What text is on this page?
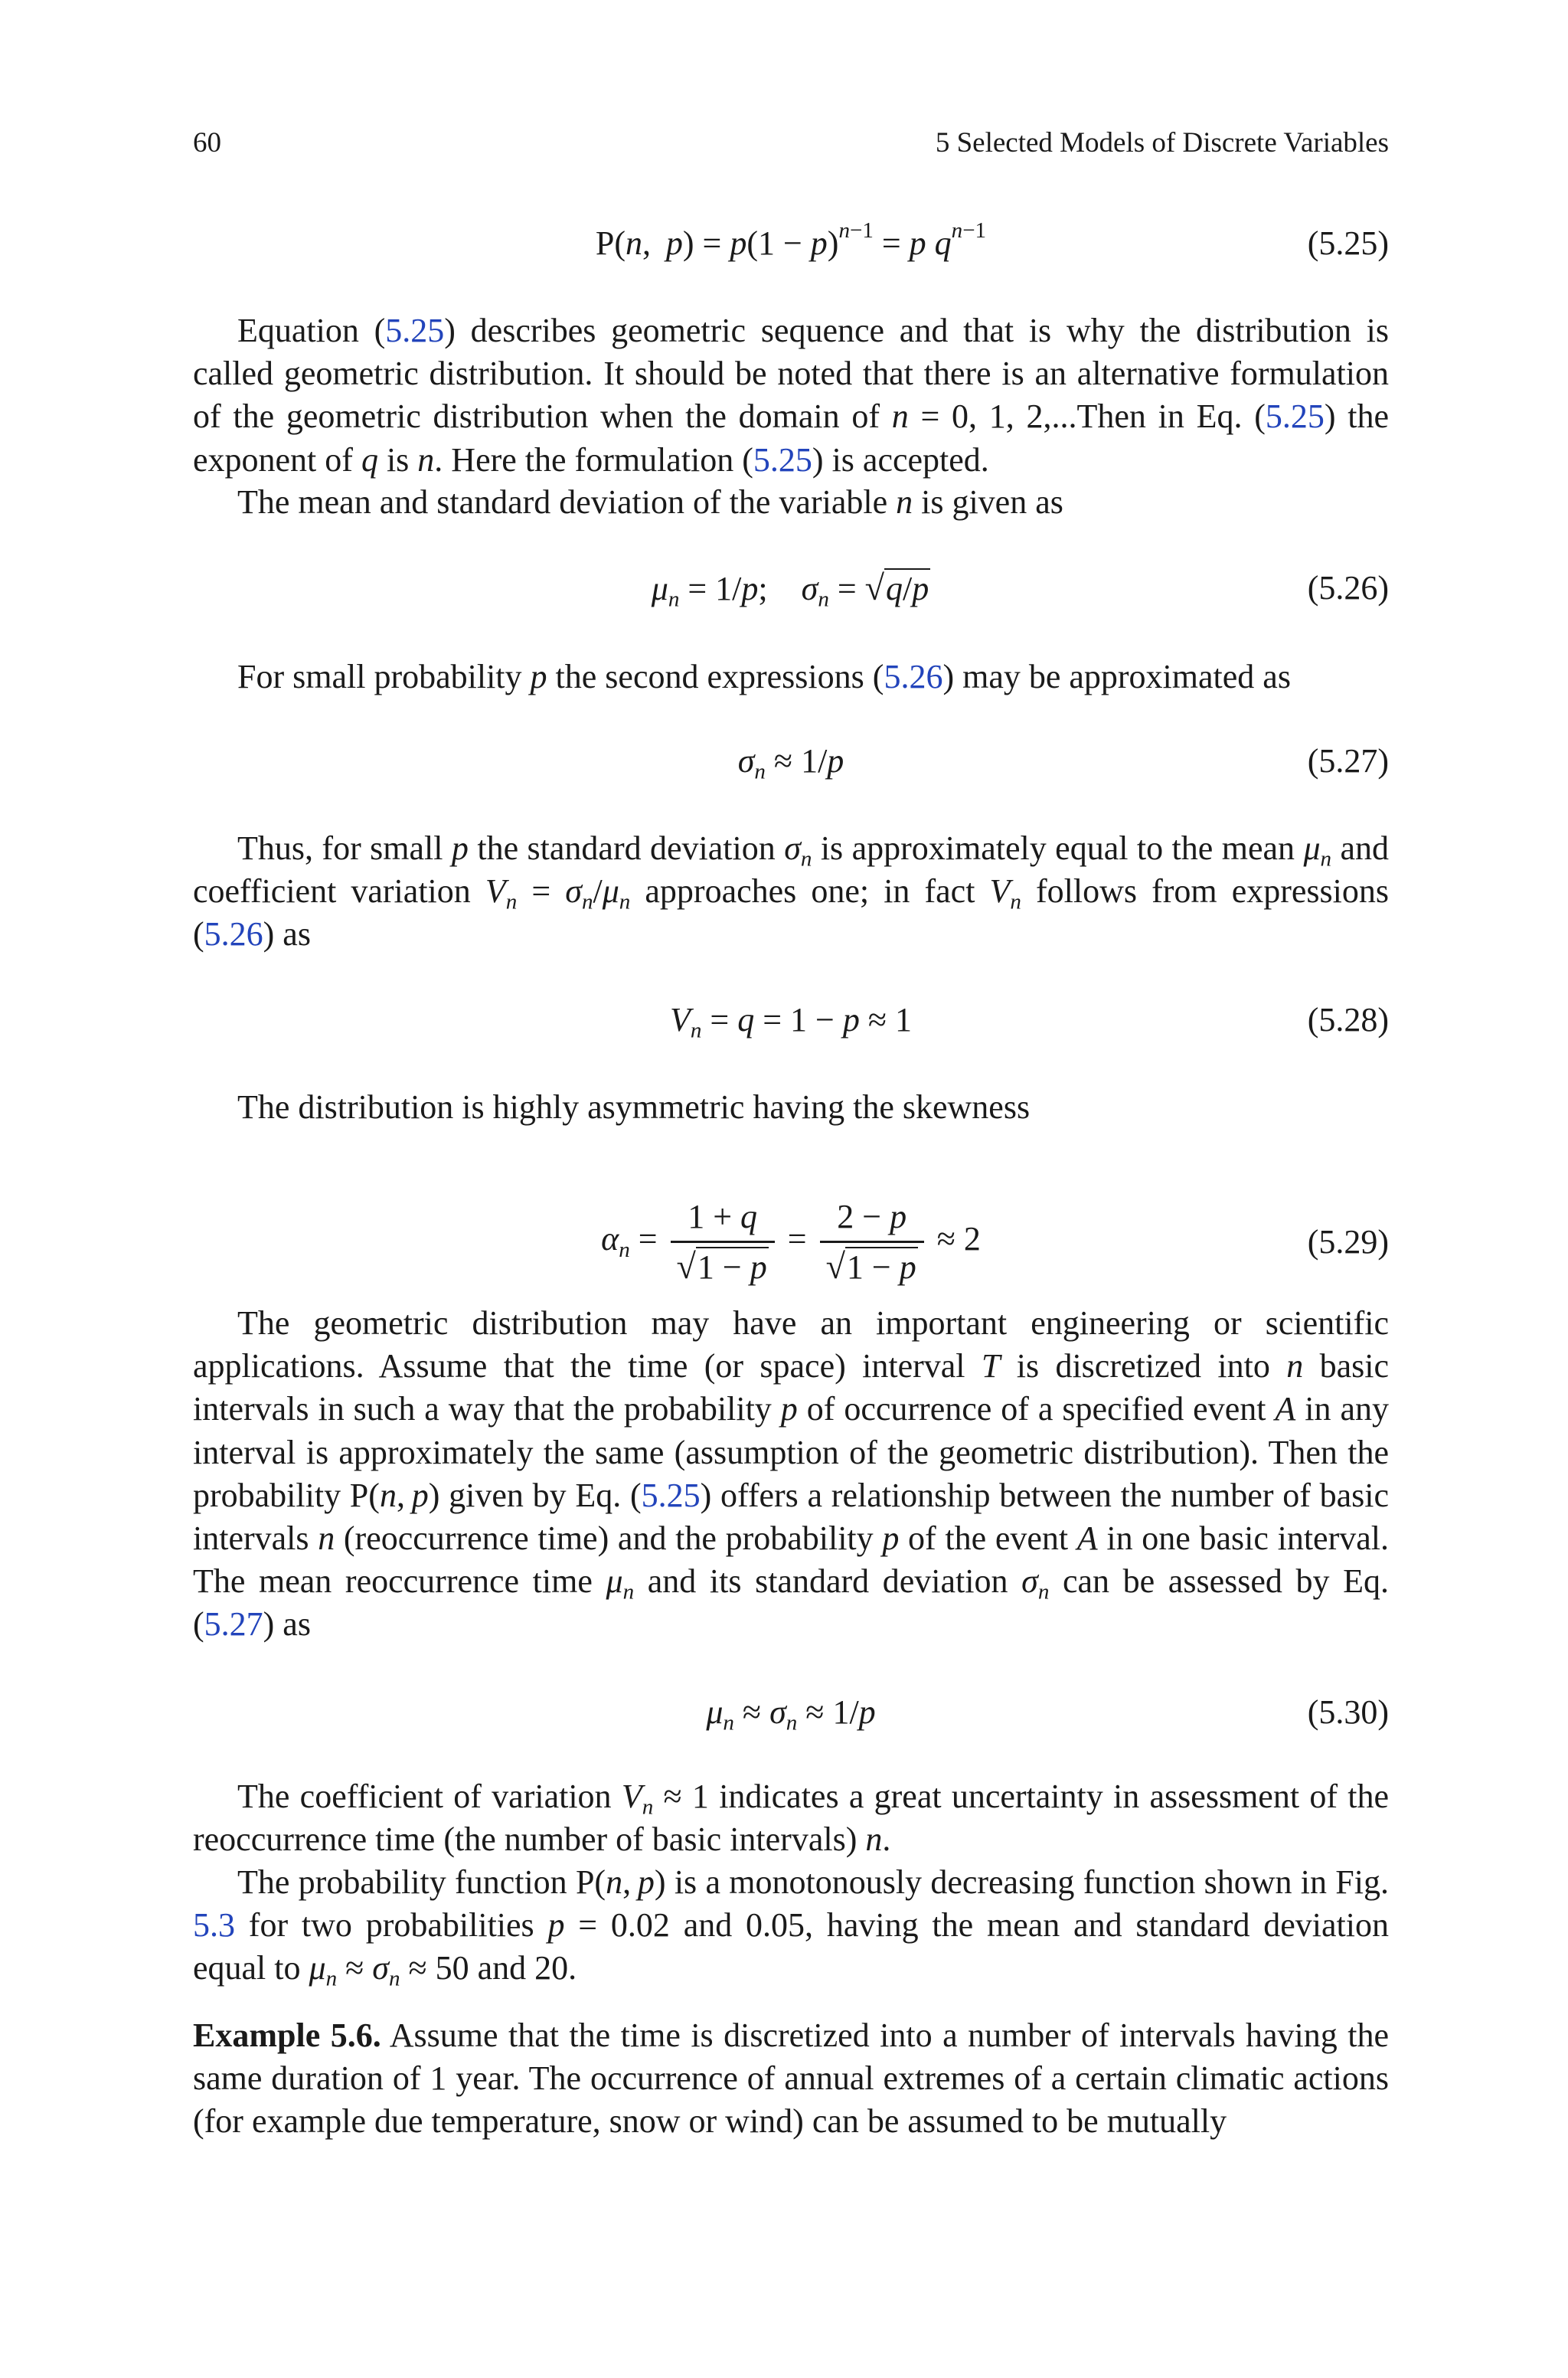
60	5 Selected Models of Discrete Variables
P(n,  $p) = p(1 - p)^{n-1} = p$ $q^{n-1}$	(5.25)

Equation (5.25) describes geometric sequence and that is why the distribution is called geometric distribution. It should be noted that there is an alternative formulation of the geometric distribution when the domain of n = 0, 1, 2,...Then in Eq. (5.25) the exponent of q is n. Here the formulation (5.25) is accepted.

The mean and standard deviation of the variable n is given as

$\mu_n = 1/p$;    $\sigma_n = √q/p$	(5.26)

For small probability p the second expressions (5.26) may be approximated as

$\sigma_n \approx 1/p$	(5.27)

Thus, for small p the standard deviation $\sigma_n$ is approximately equal to the mean $\mu_n$ and coefficient variation $V_n = \sigma_n/\mu_n$ approaches one; in fact $V_n$ follows from expressions (5.26) as

$V_n = q = 1 - p \approx 1$	(5.28)

The distribution is highly asymmetric having the skewness

$\alpha_n = \frac{1 + q}{√1 - p} = \frac{2 - p}{√1 - p} \approx 2$	(5.29)

The geometric distribution may have an important engineering or scientific applications. Assume that the time (or space) interval T is discretized into n basic intervals in such a way that the probability p of occurrence of a specified event A in any interval is approximately the same (assumption of the geometric distribution). Then the probability P(n, p) given by Eq. (5.25) offers a relationship between the number of basic intervals n (reoccurrence time) and the probability p of the event A in one basic interval. The mean reoccurrence time $\mu_n$ and its standard deviation $\sigma_n$ can be assessed by Eq. (5.27) as

$\mu_n \approx \sigma_n \approx 1/p$	(5.30)

The coefficient of variation $V_n \approx 1$ indicates a great uncertainty in assessment of the reoccurrence time (the number of basic intervals) n.

The probability function P(n, p) is a monotonously decreasing function shown in Fig. 5.3 for two probabilities p = 0.02 and 0.05, having the mean and standard deviation equal to $\mu_n \approx \sigma_n \approx 50$ and 20.

Example 5.6. Assume that the time is discretized into a number of intervals having the same duration of 1 year. The occurrence of annual extremes of a certain climatic actions (for example due temperature, snow or wind) can be assumed to be mutually
